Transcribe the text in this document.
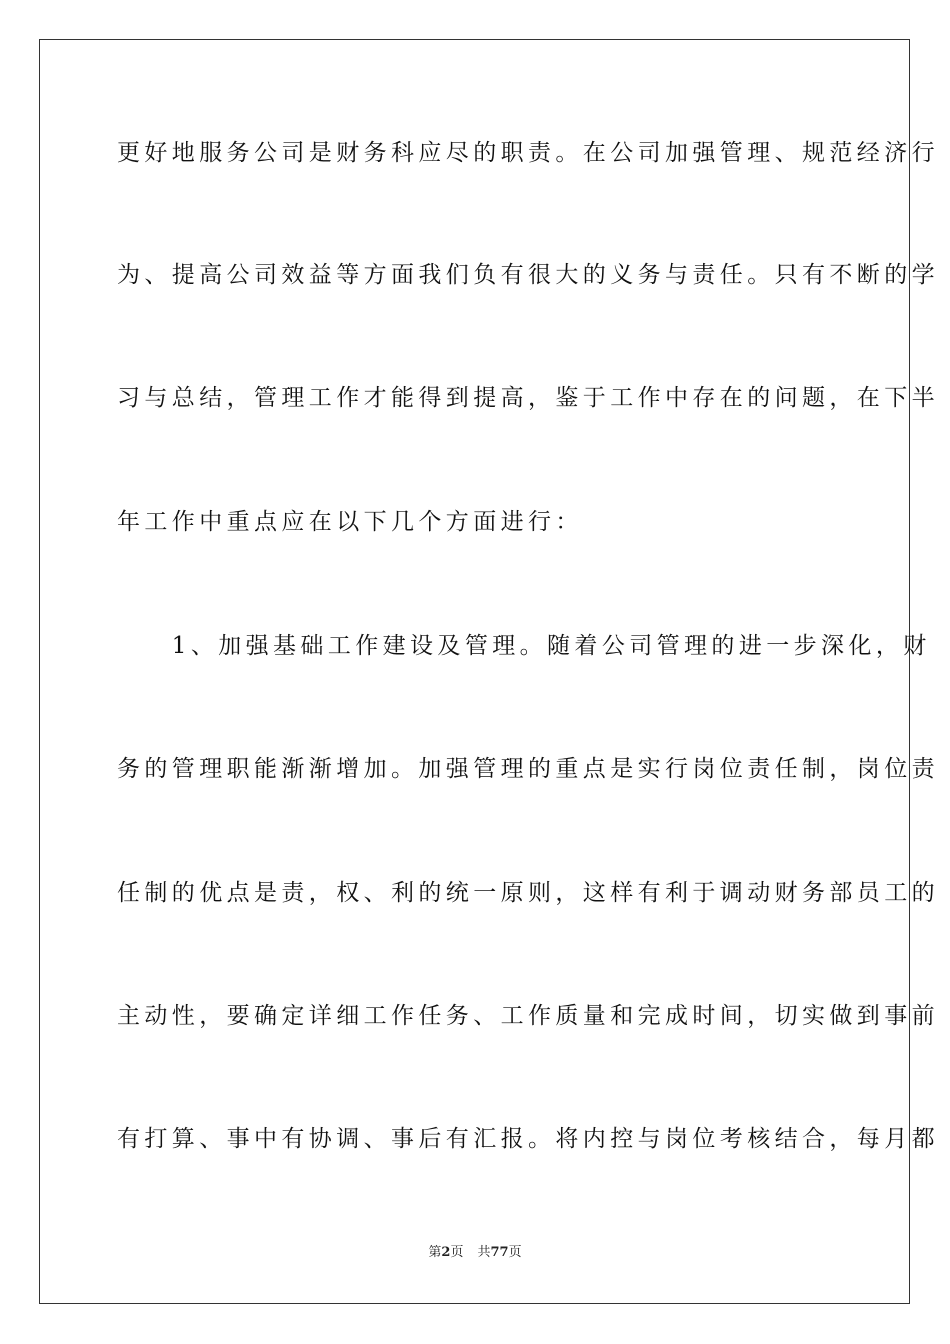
更好地服务公司是财务科应尽的职责。在公司加强管理、规范经济行
为、提高公司效益等方面我们负有很大的义务与责任。只有不断的学
习与总结，管理工作才能得到提高，鉴于工作中存在的问题，在下半
年工作中重点应在以下几个方面进行：
　　1、加强基础工作建设及管理。随着公司管理的进一步深化，财
务的管理职能渐渐增加。加强管理的重点是实行岗位责任制，岗位责
任制的优点是责，权、利的统一原则，这样有利于调动财务部员工的
主动性，要确定详细工作任务、工作质量和完成时间，切实做到事前
有打算、事中有协调、事后有汇报。将内控与岗位考核结合，每月都
第2页 共77页
